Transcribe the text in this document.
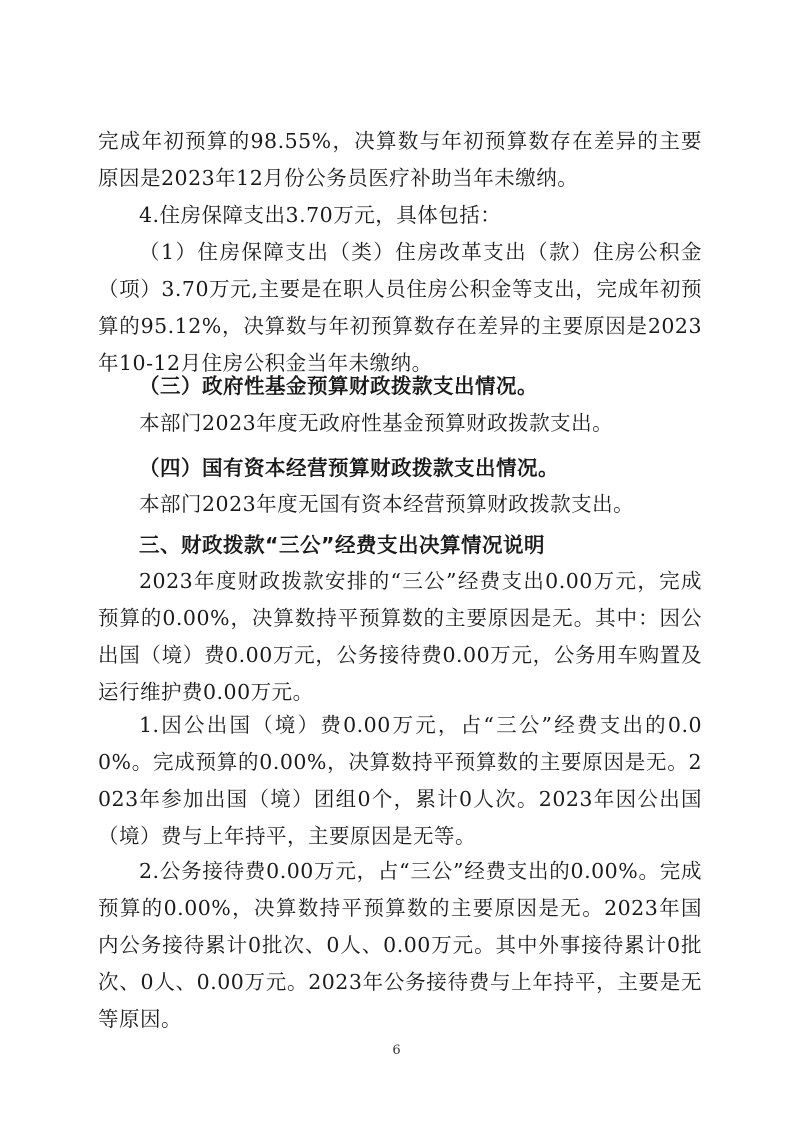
完成年初预算的98.55%，决算数与年初预算数存在差异的主要原因是2023年12月份公务员医疗补助当年未缴纳。

4.住房保障支出3.70万元，具体包括：

（1）住房保障支出（类）住房改革支出（款）住房公积金（项）3.70万元,主要是在职人员住房公积金等支出，完成年初预算的95.12%，决算数与年初预算数存在差异的主要原因是2023年10-12月住房公积金当年未缴纳。

（三）政府性基金预算财政拨款支出情况。

本部门2023年度无政府性基金预算财政拨款支出。

（四）国有资本经营预算财政拨款支出情况。

本部门2023年度无国有资本经营预算财政拨款支出。

三、财政拨款“三公”经费支出决算情况说明

2023年度财政拨款安排的“三公”经费支出0.00万元，完成预算的0.00%，决算数持平预算数的主要原因是无。其中：因公出国（境）费0.00万元，公务接待费0.00万元，公务用车购置及运行维护费0.00万元。

1.因公出国（境）费0.00万元，占“三公”经费支出的0.00%。完成预算的0.00%，决算数持平预算数的主要原因是无。2023年参加出国（境）团组0个，累计0人次。2023年因公出国（境）费与上年持平，主要原因是无等。

2.公务接待费0.00万元，占“三公”经费支出的0.00%。完成预算的0.00%，决算数持平预算数的主要原因是无。2023年国内公务接待累计0批次、0人、0.00万元。其中外事接待累计0批次、0人、0.00万元。2023年公务接待费与上年持平，主要是无等原因。

6
